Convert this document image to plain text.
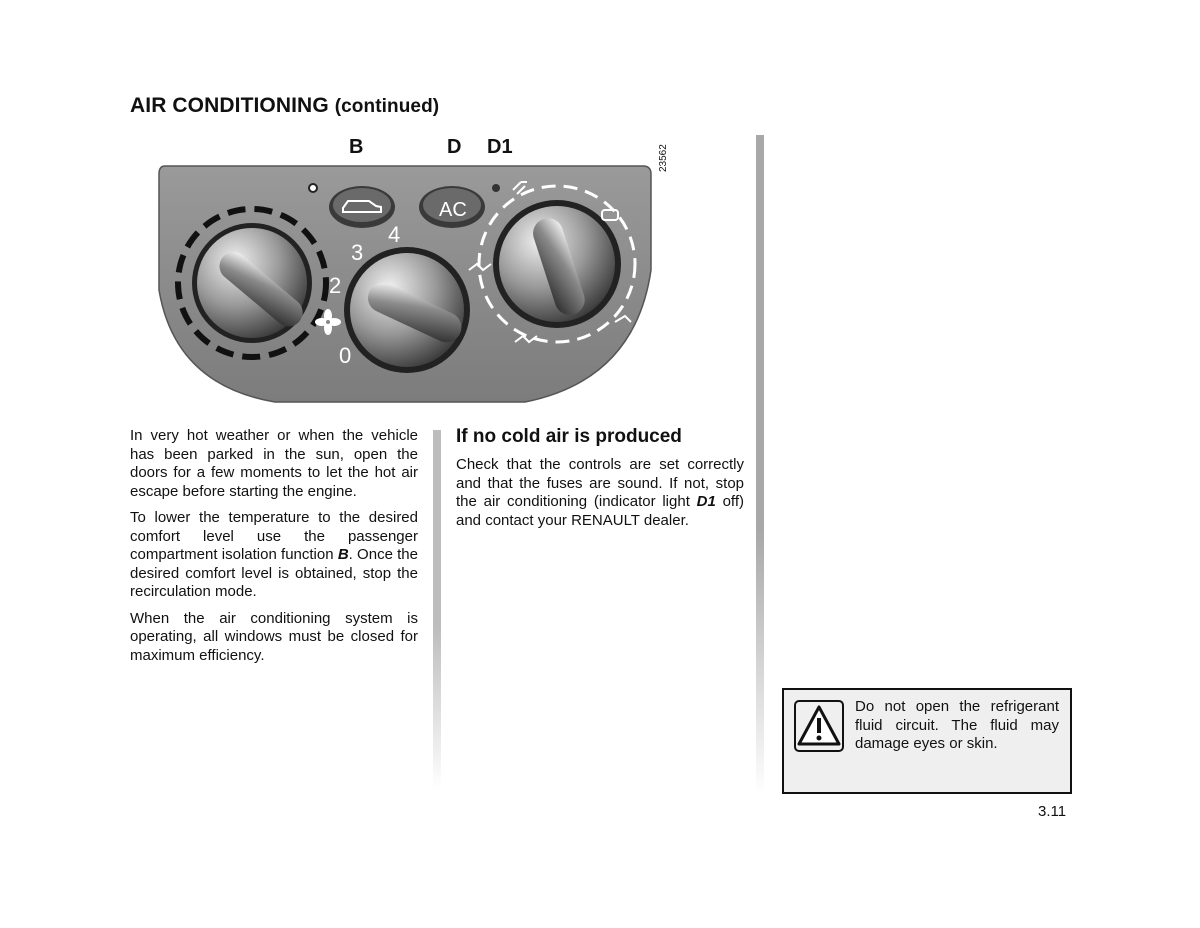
AIR CONDITIONING (continued)
B	D D1	23562
0
2
3
4
AC

In very hot weather or when the vehicle has been parked in the sun, open the doors for a few moments to let the hot air escape before starting the engine.

To lower the temperature to the desired comfort level use the passenger compartment isolation function B. Once the desired comfort level is obtained, stop the recirculation mode.

When the air conditioning system is operating, all windows must be closed for maximum efficiency.

If no cold air is produced

Check that the controls are set correctly and that the fuses are sound. If not, stop the air conditioning (indicator light D1 off) and contact your RENAULT dealer.

Do not open the refrigerant fluid circuit. The fluid may damage eyes or skin.
3.11
